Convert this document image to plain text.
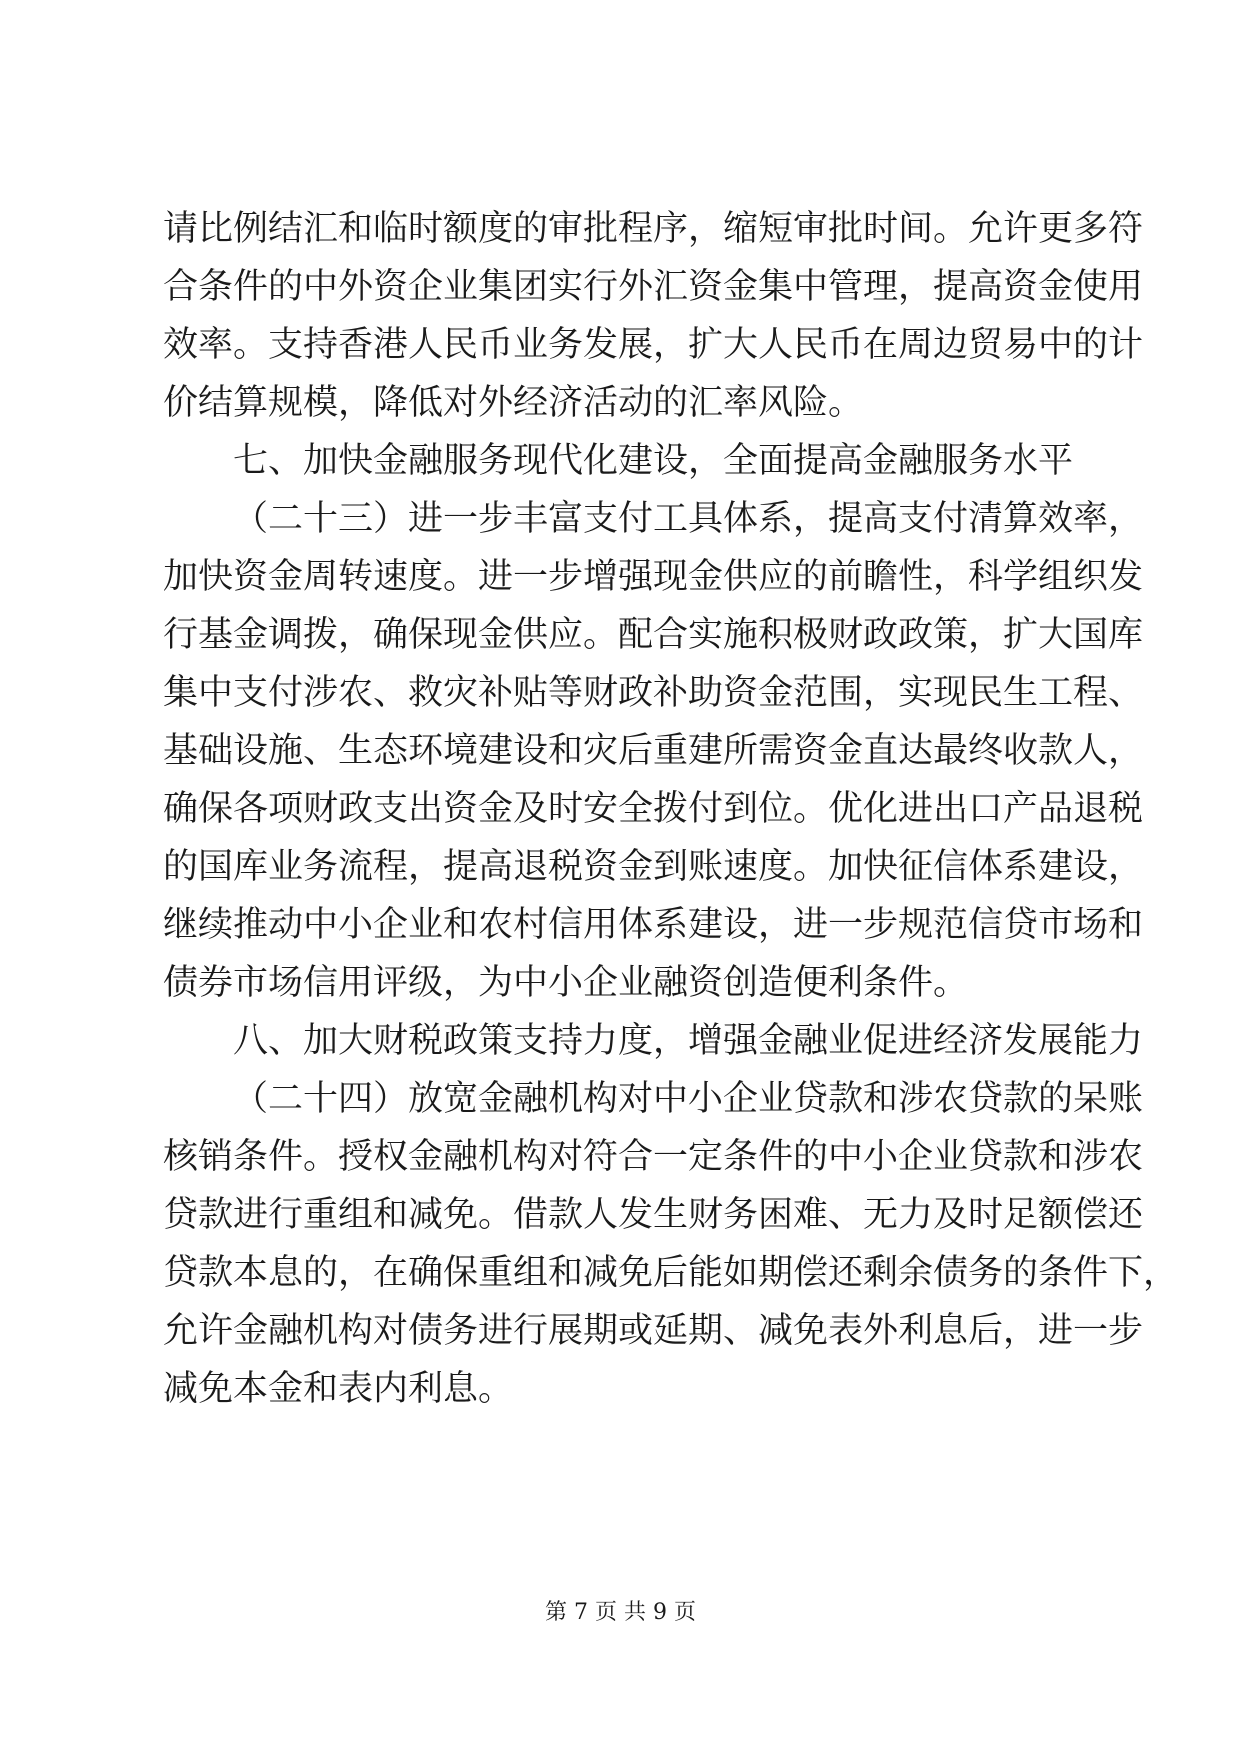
请比例结汇和临时额度的审批程序，缩短审批时间。允许更多符
合条件的中外资企业集团实行外汇资金集中管理，提高资金使用
效率。支持香港人民币业务发展，扩大人民币在周边贸易中的计
价结算规模，降低对外经济活动的汇率风险。
七、加快金融服务现代化建设，全面提高金融服务水平
（二十三）进一步丰富支付工具体系，提高支付清算效率，
加快资金周转速度。进一步增强现金供应的前瞻性，科学组织发
行基金调拨，确保现金供应。配合实施积极财政政策，扩大国库
集中支付涉农、救灾补贴等财政补助资金范围，实现民生工程、
基础设施、生态环境建设和灾后重建所需资金直达最终收款人，
确保各项财政支出资金及时安全拨付到位。优化进出口产品退税
的国库业务流程，提高退税资金到账速度。加快征信体系建设，
继续推动中小企业和农村信用体系建设，进一步规范信贷市场和
债券市场信用评级，为中小企业融资创造便利条件。
八、加大财税政策支持力度，增强金融业促进经济发展能力
（二十四）放宽金融机构对中小企业贷款和涉农贷款的呆账
核销条件。授权金融机构对符合一定条件的中小企业贷款和涉农
贷款进行重组和减免。借款人发生财务困难、无力及时足额偿还
贷款本息的，在确保重组和减免后能如期偿还剩余债务的条件下，
允许金融机构对债务进行展期或延期、减免表外利息后，进一步
减免本金和表内利息。
第 7 页 共 9 页
